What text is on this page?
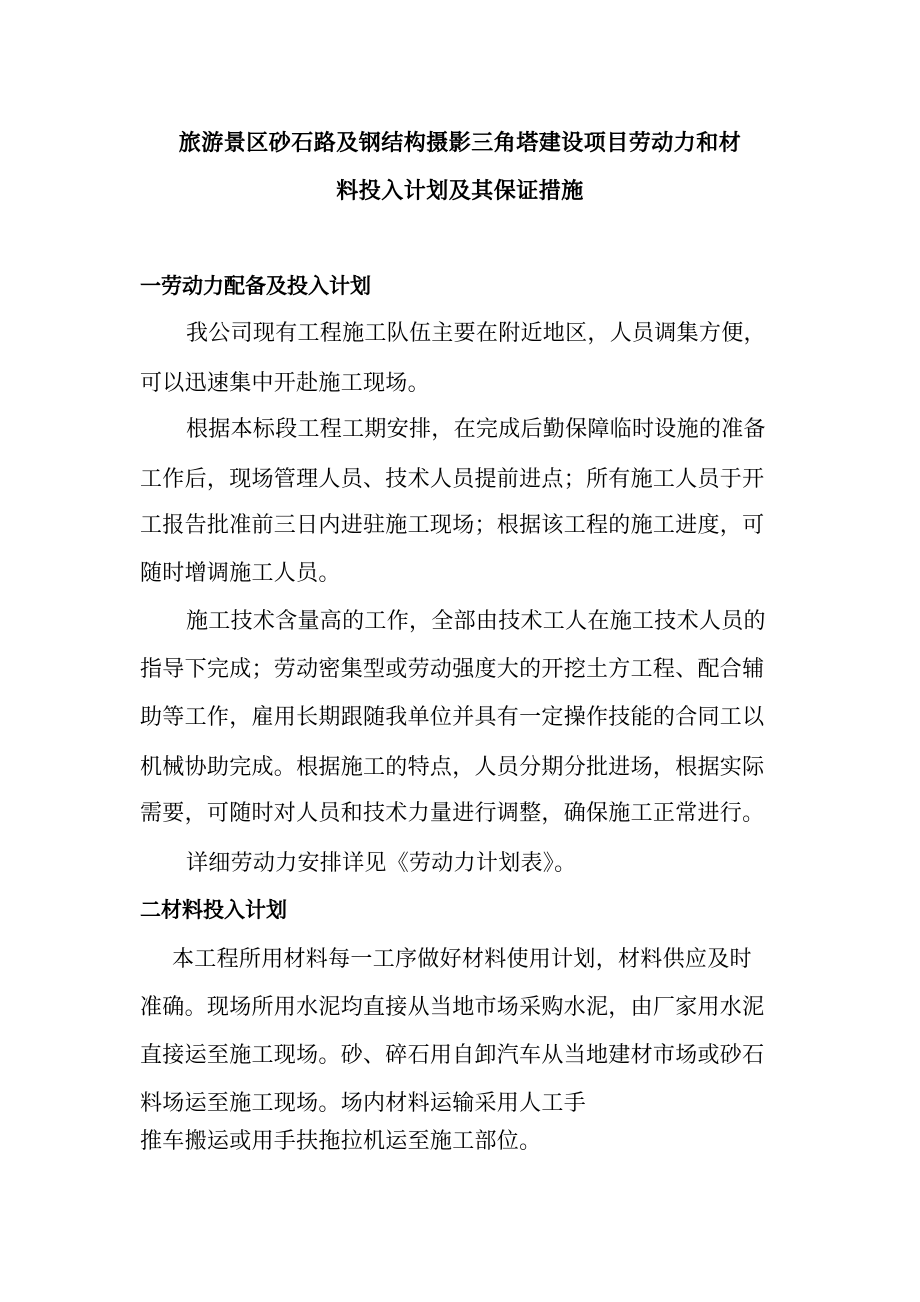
旅游景区砂石路及钢结构摄影三角塔建设项目劳动力和材
料投入计划及其保证措施
一劳动力配备及投入计划
我公司现有工程施工队伍主要在附近地区，人员调集方便，
可以迅速集中开赴施工现场。
根据本标段工程工期安排，在完成后勤保障临时设施的准备
工作后，现场管理人员、技术人员提前进点；所有施工人员于开
工报告批准前三日内进驻施工现场；根据该工程的施工进度，可
随时增调施工人员。
施工技术含量高的工作，全部由技术工人在施工技术人员的
指导下完成；劳动密集型或劳动强度大的开挖土方工程、配合辅
助等工作，雇用长期跟随我单位并具有一定操作技能的合同工以
机械协助完成。根据施工的特点，人员分期分批进场，根据实际
需要，可随时对人员和技术力量进行调整，确保施工正常进行。
详细劳动力安排详见《劳动力计划表》。
二材料投入计划
本工程所用材料每一工序做好材料使用计划，材料供应及时
准确。现场所用水泥均直接从当地市场采购水泥，由厂家用水泥
直接运至施工现场。砂、碎石用自卸汽车从当地建材市场或砂石
料场运至施工现场。场内材料运输采用人工手
推车搬运或用手扶拖拉机运至施工部位。
